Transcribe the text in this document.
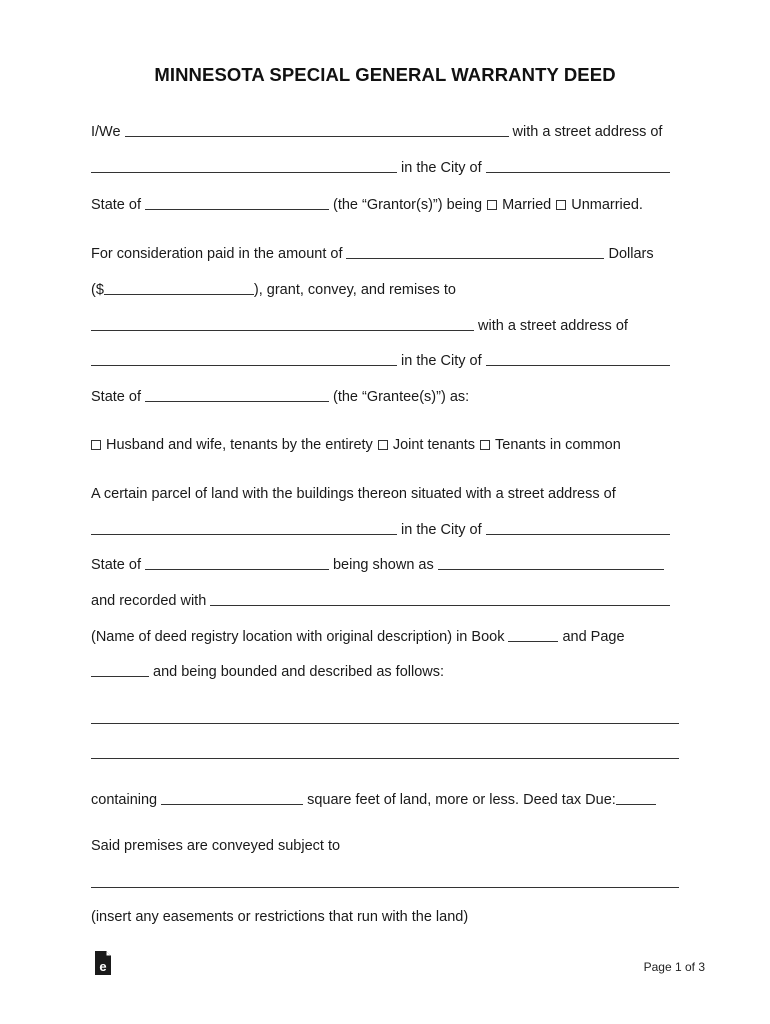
MINNESOTA SPECIAL GENERAL WARRANTY DEED
I/We	with a street address of
in the City of
State of	(the “Grantor(s)”) being Married Unmarried.
For consideration paid in the amount of	Dollars
($	), grant, convey, and remises to
with a street address of
in the City of
State of	(the “Grantee(s)”) as:
Husband and wife, tenants by the entirety Joint tenants Tenants in common
A certain parcel of land with the buildings thereon situated with a street address of
in the City of
State of	being shown as
and recorded with
(Name of deed registry location with original description) in Book	and Page
and being bounded and described as follows:
containing	square feet of land, more or less. Deed tax Due:
Said premises are conveyed subject to
(insert any easements or restrictions that run with the land)
e	Page 1 of 3
